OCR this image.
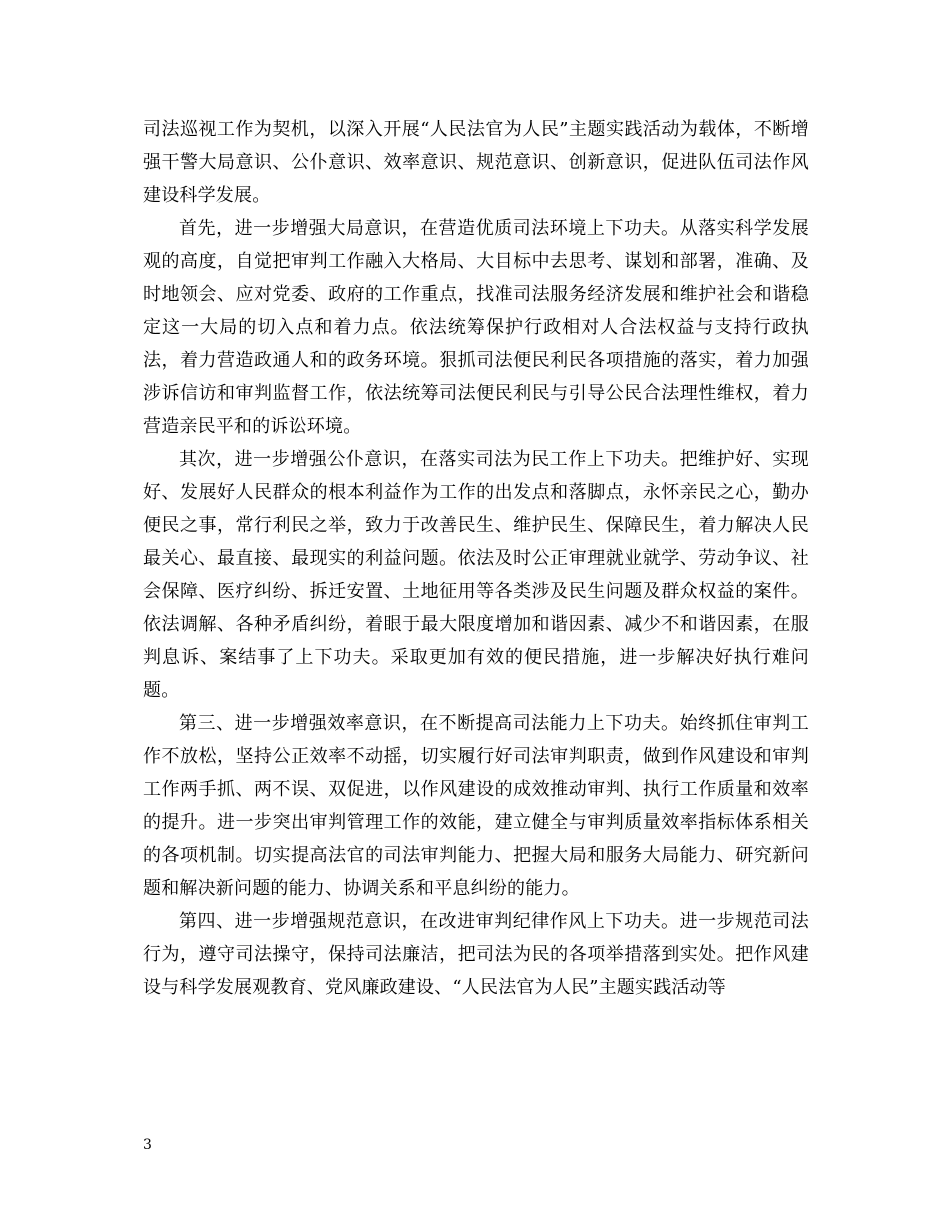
司法巡视工作为契机，以深入开展“人民法官为人民”主题实践活动为载体，不断增强干警大局意识、公仆意识、效率意识、规范意识、创新意识，促进队伍司法作风建设科学发展。

首先，进一步增强大局意识，在营造优质司法环境上下功夫。从落实科学发展观的高度，自觉把审判工作融入大格局、大目标中去思考、谋划和部署，准确、及时地领会、应对党委、政府的工作重点，找准司法服务经济发展和维护社会和谐稳定这一大局的切入点和着力点。依法统筹保护行政相对人合法权益与支持行政执法，着力营造政通人和的政务环境。狠抓司法便民利民各项措施的落实，着力加强涉诉信访和审判监督工作，依法统筹司法便民利民与引导公民合法理性维权，着力营造亲民平和的诉讼环境。

其次，进一步增强公仆意识，在落实司法为民工作上下功夫。把维护好、实现好、发展好人民群众的根本利益作为工作的出发点和落脚点，永怀亲民之心，勤办便民之事，常行利民之举，致力于改善民生、维护民生、保障民生，着力解决人民最关心、最直接、最现实的利益问题。依法及时公正审理就业就学、劳动争议、社会保障、医疗纠纷、拆迁安置、土地征用等各类涉及民生问题及群众权益的案件。依法调解、各种矛盾纠纷，着眼于最大限度增加和谐因素、减少不和谐因素，在服判息诉、案结事了上下功夫。采取更加有效的便民措施，进一步解决好执行难问题。

第三、进一步增强效率意识，在不断提高司法能力上下功夫。始终抓住审判工作不放松，坚持公正效率不动摇，切实履行好司法审判职责，做到作风建设和审判工作两手抓、两不误、双促进，以作风建设的成效推动审判、执行工作质量和效率的提升。进一步突出审判管理工作的效能，建立健全与审判质量效率指标体系相关的各项机制。切实提高法官的司法审判能力、把握大局和服务大局能力、研究新问题和解决新问题的能力、协调关系和平息纠纷的能力。

第四、进一步增强规范意识，在改进审判纪律作风上下功夫。进一步规范司法行为，遵守司法操守，保持司法廉洁，把司法为民的各项举措落到实处。把作风建设与科学发展观教育、党风廉政建设、“人民法官为人民”主题实践活动等

3
